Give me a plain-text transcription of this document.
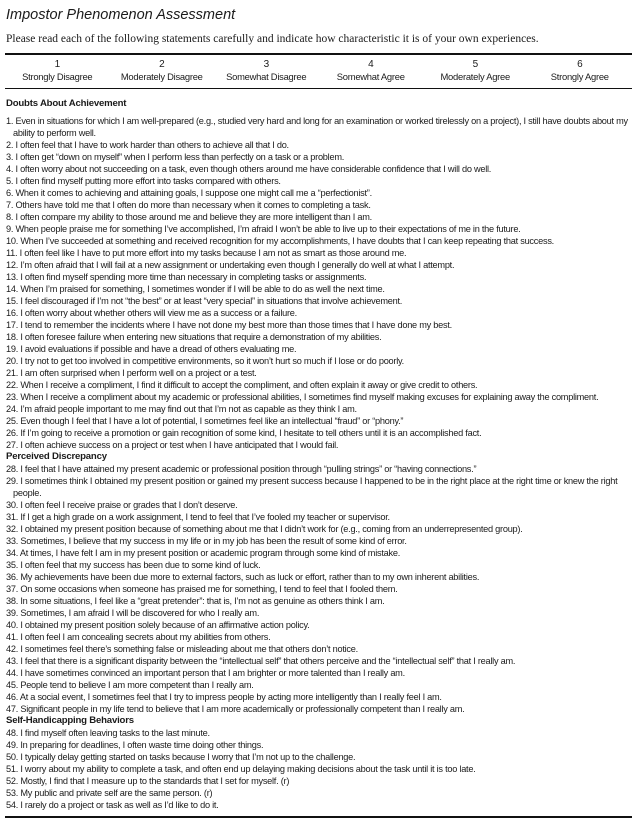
Impostor Phenomenon Assessment

Please read each of the following statements carefully and indicate how characteristic it is of your own experiences.

1
Strongly Disagree
2
Moderately Disagree
3
Somewhat Disagree
4
Somewhat Agree
5
Moderately Agree
6
Strongly Agree
Doubts About Achievement

1. Even in situations for which I am well-prepared (e.g., studied very hard and long for an examination or worked tirelessly on a project), I still have doubts about my ability to perform well.

2. I often feel that I have to work harder than others to achieve all that I do.

3. I often get “down on myself” when I perform less than perfectly on a task or a problem.

4. I often worry about not succeeding on a task, even though others around me have considerable confidence that I will do well.

5. I often find myself putting more effort into tasks compared with others.

6. When it comes to achieving and attaining goals, I suppose one might call me a “perfectionist”.

7. Others have told me that I often do more than necessary when it comes to completing a task.

8. I often compare my ability to those around me and believe they are more intelligent than I am.

9. When people praise me for something I’ve accomplished, I’m afraid I won’t be able to live up to their expectations of me in the future.

10. When I’ve succeeded at something and received recognition for my accomplishments, I have doubts that I can keep repeating that success.

11. I often feel like I have to put more effort into my tasks because I am not as smart as those around me.

12. I’m often afraid that I will fail at a new assignment or undertaking even though I generally do well at what I attempt.

13. I often find myself spending more time than necessary in completing tasks or assignments.

14. When I’m praised for something, I sometimes wonder if I will be able to do as well the next time.

15. I feel discouraged if I’m not “the best” or at least “very special” in situations that involve achievement.

16. I often worry about whether others will view me as a success or a failure.

17. I tend to remember the incidents where I have not done my best more than those times that I have done my best.

18. I often foresee failure when entering new situations that require a demonstration of my abilities.

19. I avoid evaluations if possible and have a dread of others evaluating me.

20. I try not to get too involved in competitive environments, so it won’t hurt so much if I lose or do poorly.

21. I am often surprised when I perform well on a project or a test.

22. When I receive a compliment, I find it difficult to accept the compliment, and often explain it away or give credit to others.

23. When I receive a compliment about my academic or professional abilities, I sometimes find myself making excuses for explaining away the compliment.

24. I’m afraid people important to me may find out that I’m not as capable as they think I am.

25. Even though I feel that I have a lot of potential, I sometimes feel like an intellectual “fraud” or “phony.”

26. If I’m going to receive a promotion or gain recognition of some kind, I hesitate to tell others until it is an accomplished fact.

27. I often achieve success on a project or test when I have anticipated that I would fail.

Perceived Discrepancy

28. I feel that I have attained my present academic or professional position through “pulling strings” or “having connections.”

29. I sometimes think I obtained my present position or gained my present success because I happened to be in the right place at the right time or knew the right people.

30. I often feel I receive praise or grades that I don’t deserve.

31. If I get a high grade on a work assignment, I tend to feel that I’ve fooled my teacher or supervisor.

32. I obtained my present position because of something about me that I didn’t work for (e.g., coming from an underrepresented group).

33. Sometimes, I believe that my success in my life or in my job has been the result of some kind of error.

34. At times, I have felt I am in my present position or academic program through some kind of mistake.

35. I often feel that my success has been due to some kind of luck.

36. My achievements have been due more to external factors, such as luck or effort, rather than to my own inherent abilities.

37. On some occasions when someone has praised me for something, I tend to feel that I fooled them.

38. In some situations, I feel like a “great pretender”: that is, I’m not as genuine as others think I am.

39. Sometimes, I am afraid I will be discovered for who I really am.

40. I obtained my present position solely because of an affirmative action policy.

41. I often feel I am concealing secrets about my abilities from others.

42. I sometimes feel there’s something false or misleading about me that others don’t notice.

43. I feel that there is a significant disparity between the “intellectual self” that others perceive and the “intellectual self” that I really am.

44. I have sometimes convinced an important person that I am brighter or more talented than I really am.

45. People tend to believe I am more competent than I really am.

46. At a social event, I sometimes feel that I try to impress people by acting more intelligently than I really feel I am.

47. Significant people in my life tend to believe that I am more academically or professionally competent than I really am.

Self-Handicapping Behaviors

48. I find myself often leaving tasks to the last minute.

49. In preparing for deadlines, I often waste time doing other things.

50. I typically delay getting started on tasks because I worry that I’m not up to the challenge.

51. I worry about my ability to complete a task, and often end up delaying making decisions about the task until it is too late.

52. Mostly, I find that I measure up to the standards that I set for myself. (r)

53. My public and private self are the same person. (r)

54. I rarely do a project or task as well as I’d like to do it.
